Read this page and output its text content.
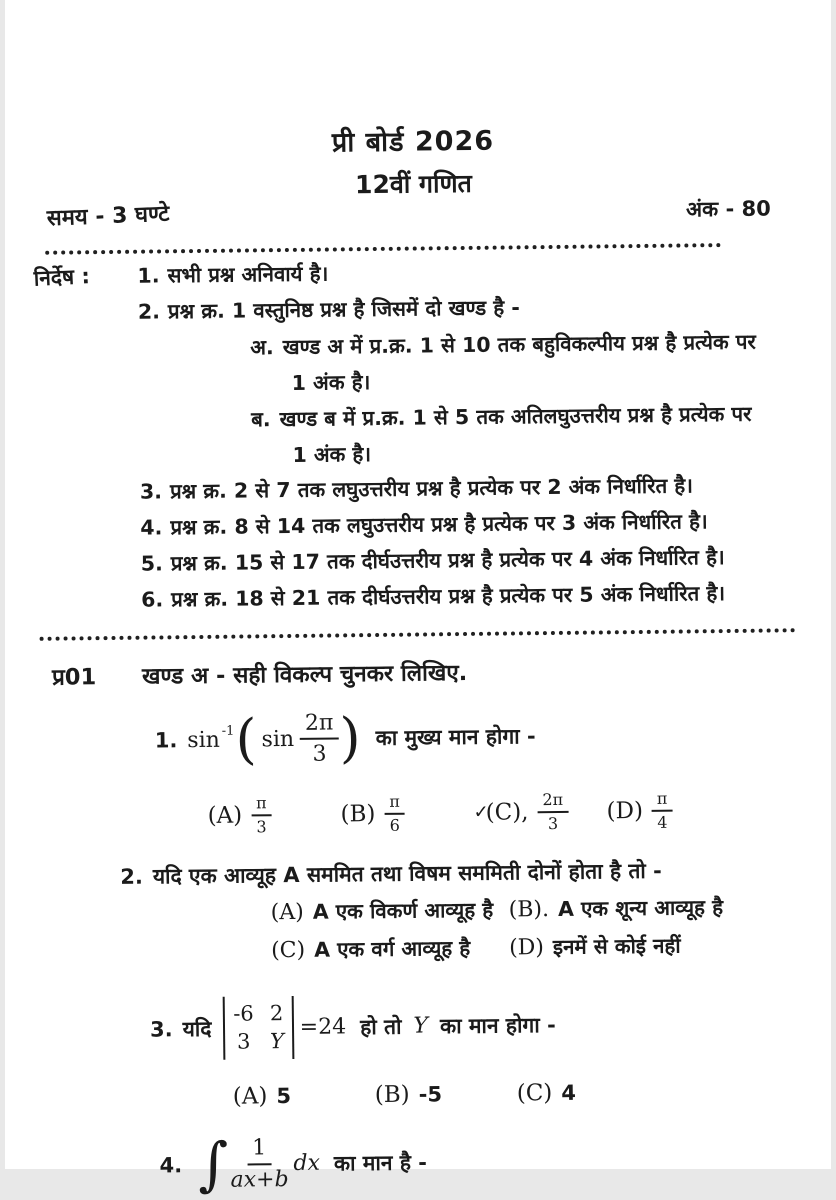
प्री बोर्ड 2026
12वीं गणित
समय - 3 घण्टे	अंक - 80
निर्देष :	1. सभी प्रश्न अनिवार्य है।
2. प्रश्न क्र. 1 वस्तुनिष्ठ प्रश्न है जिसमें दो खण्ड है -
अ. खण्ड अ में प्र.क्र. 1 से 10 तक बहुविकल्पीय प्रश्न है प्रत्येक पर
1 अंक है।
ब. खण्ड ब में प्र.क्र. 1 से 5 तक अतिलघुउत्तरीय प्रश्न है प्रत्येक पर
1 अंक है।
3. प्रश्न क्र. 2 से 7 तक लघुउत्तरीय प्रश्न है प्रत्येक पर 2 अंक निर्धारित है।
4. प्रश्न क्र. 8 से 14 तक लघुउत्तरीय प्रश्न है प्रत्येक पर 3 अंक निर्धारित है।
5. प्रश्न क्र. 15 से 17 तक दीर्घउत्तरीय प्रश्न है प्रत्येक पर 4 अंक निर्धारित है।
6. प्रश्न क्र. 18 से 21 तक दीर्घउत्तरीय प्रश्न है प्रत्येक पर 5 अंक निर्धारित है।
प्र01	खण्ड अ - सही विकल्प चुनकर लिखिए.
1. sin -1 ( $\sin \frac{2\pi}{3}$ ) का मुख्य मान होगा -
$(A) \frac{\pi}{3}$	$(B) \frac{\pi}{6}$	✓
(C), $\frac{2\pi}{3} (D) \frac{\pi}{4}$
2. यदि एक आव्यूह A सममित तथा विषम सममिती दोनों होता है तो -
(A) A एक विकर्ण आव्यूह है (B). A एक शून्य आव्यूह है
(C) A एक वर्ग आव्यूह है (D) इनमें से कोई नहीं
3. यदि
-6 2
3 Y
=24 हो तो Y का मान होगा -
(A) 5	(B) -5	(C) 4
4. ∫ $\frac{1}{ax+b}$ dx का मान है -
